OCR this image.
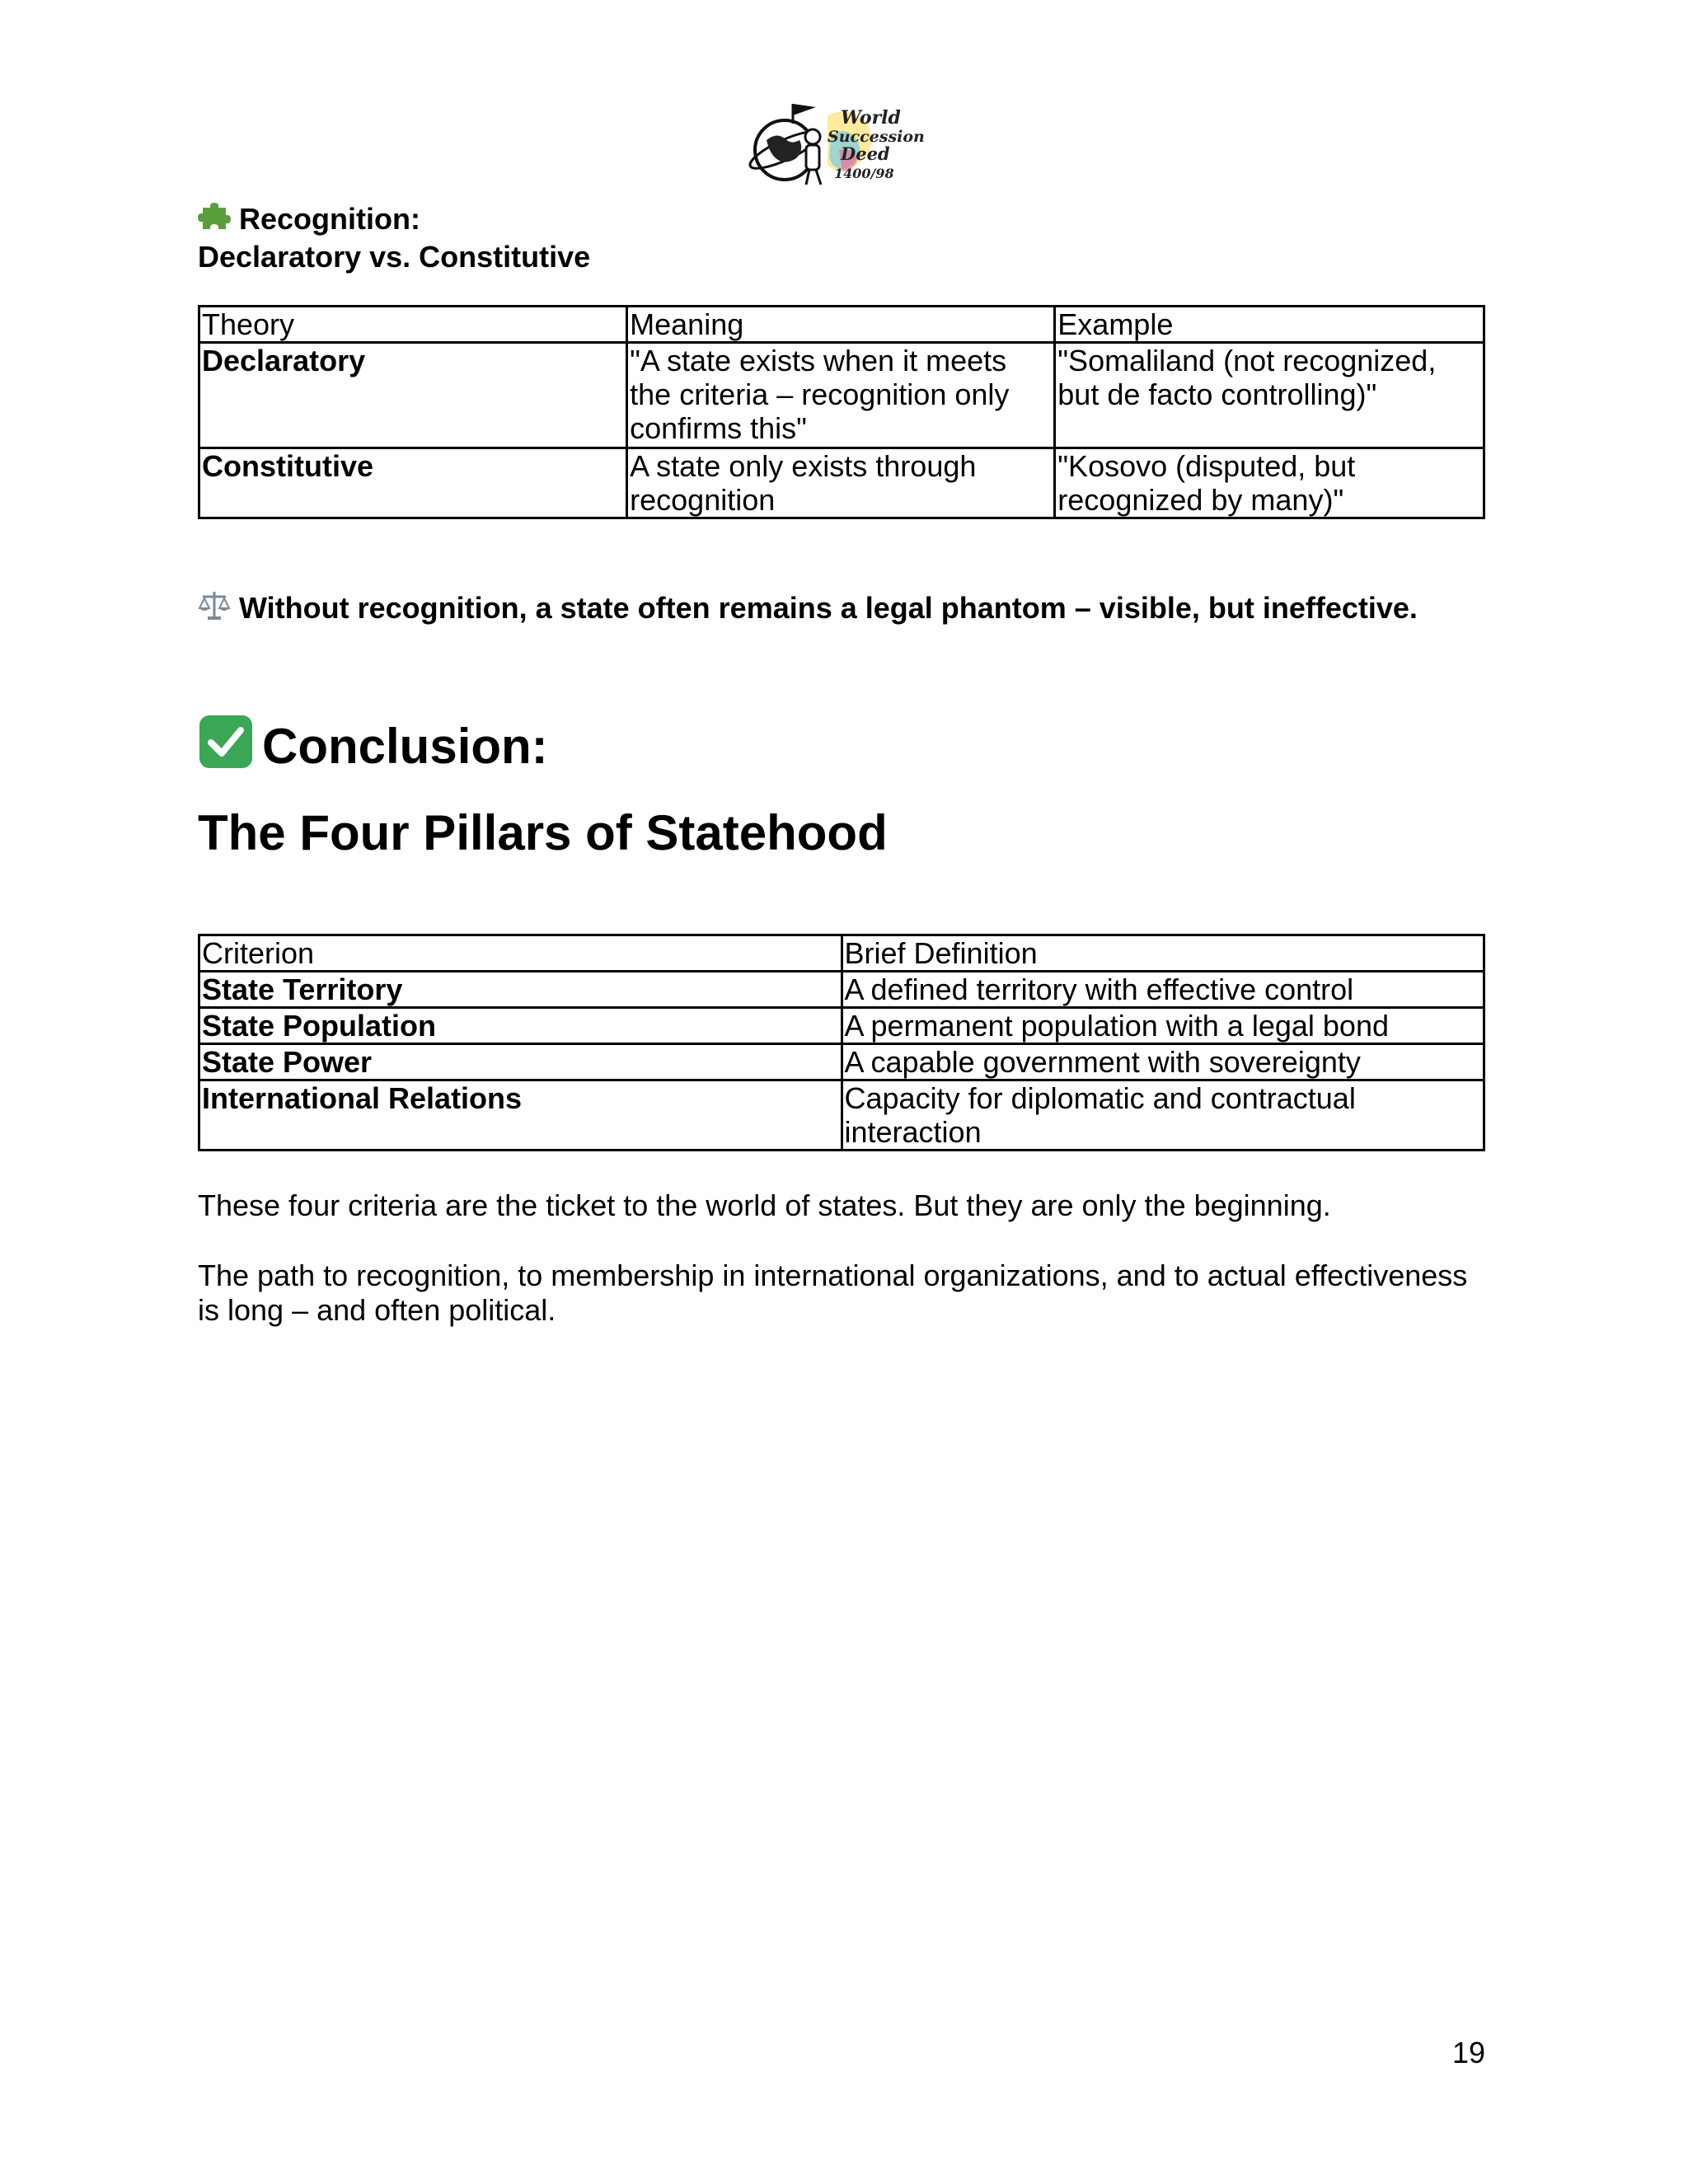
World
Succession
Deed
1400/98
Recognition:
Declaratory vs. Constitutive
Theory	Meaning	Example
Declaratory	"A state exists when it meets the criteria – recognition only confirms this"	"Somaliland (not recognized, but de facto controlling)"
Constitutive	A state only exists through recognition	"Kosovo (disputed, but recognized by many)"
Without recognition, a state often remains a legal phantom – visible, but ineffective.
Conclusion:
The Four Pillars of Statehood
Criterion	Brief Definition
State Territory	A defined territory with effective control
State Population	A permanent population with a legal bond
State Power	A capable government with sovereignty
International Relations	Capacity for diplomatic and contractual interaction

These four criteria are the ticket to the world of states. But they are only the beginning.

The path to recognition, to membership in international organizations, and to actual effectiveness is long – and often political.

19
